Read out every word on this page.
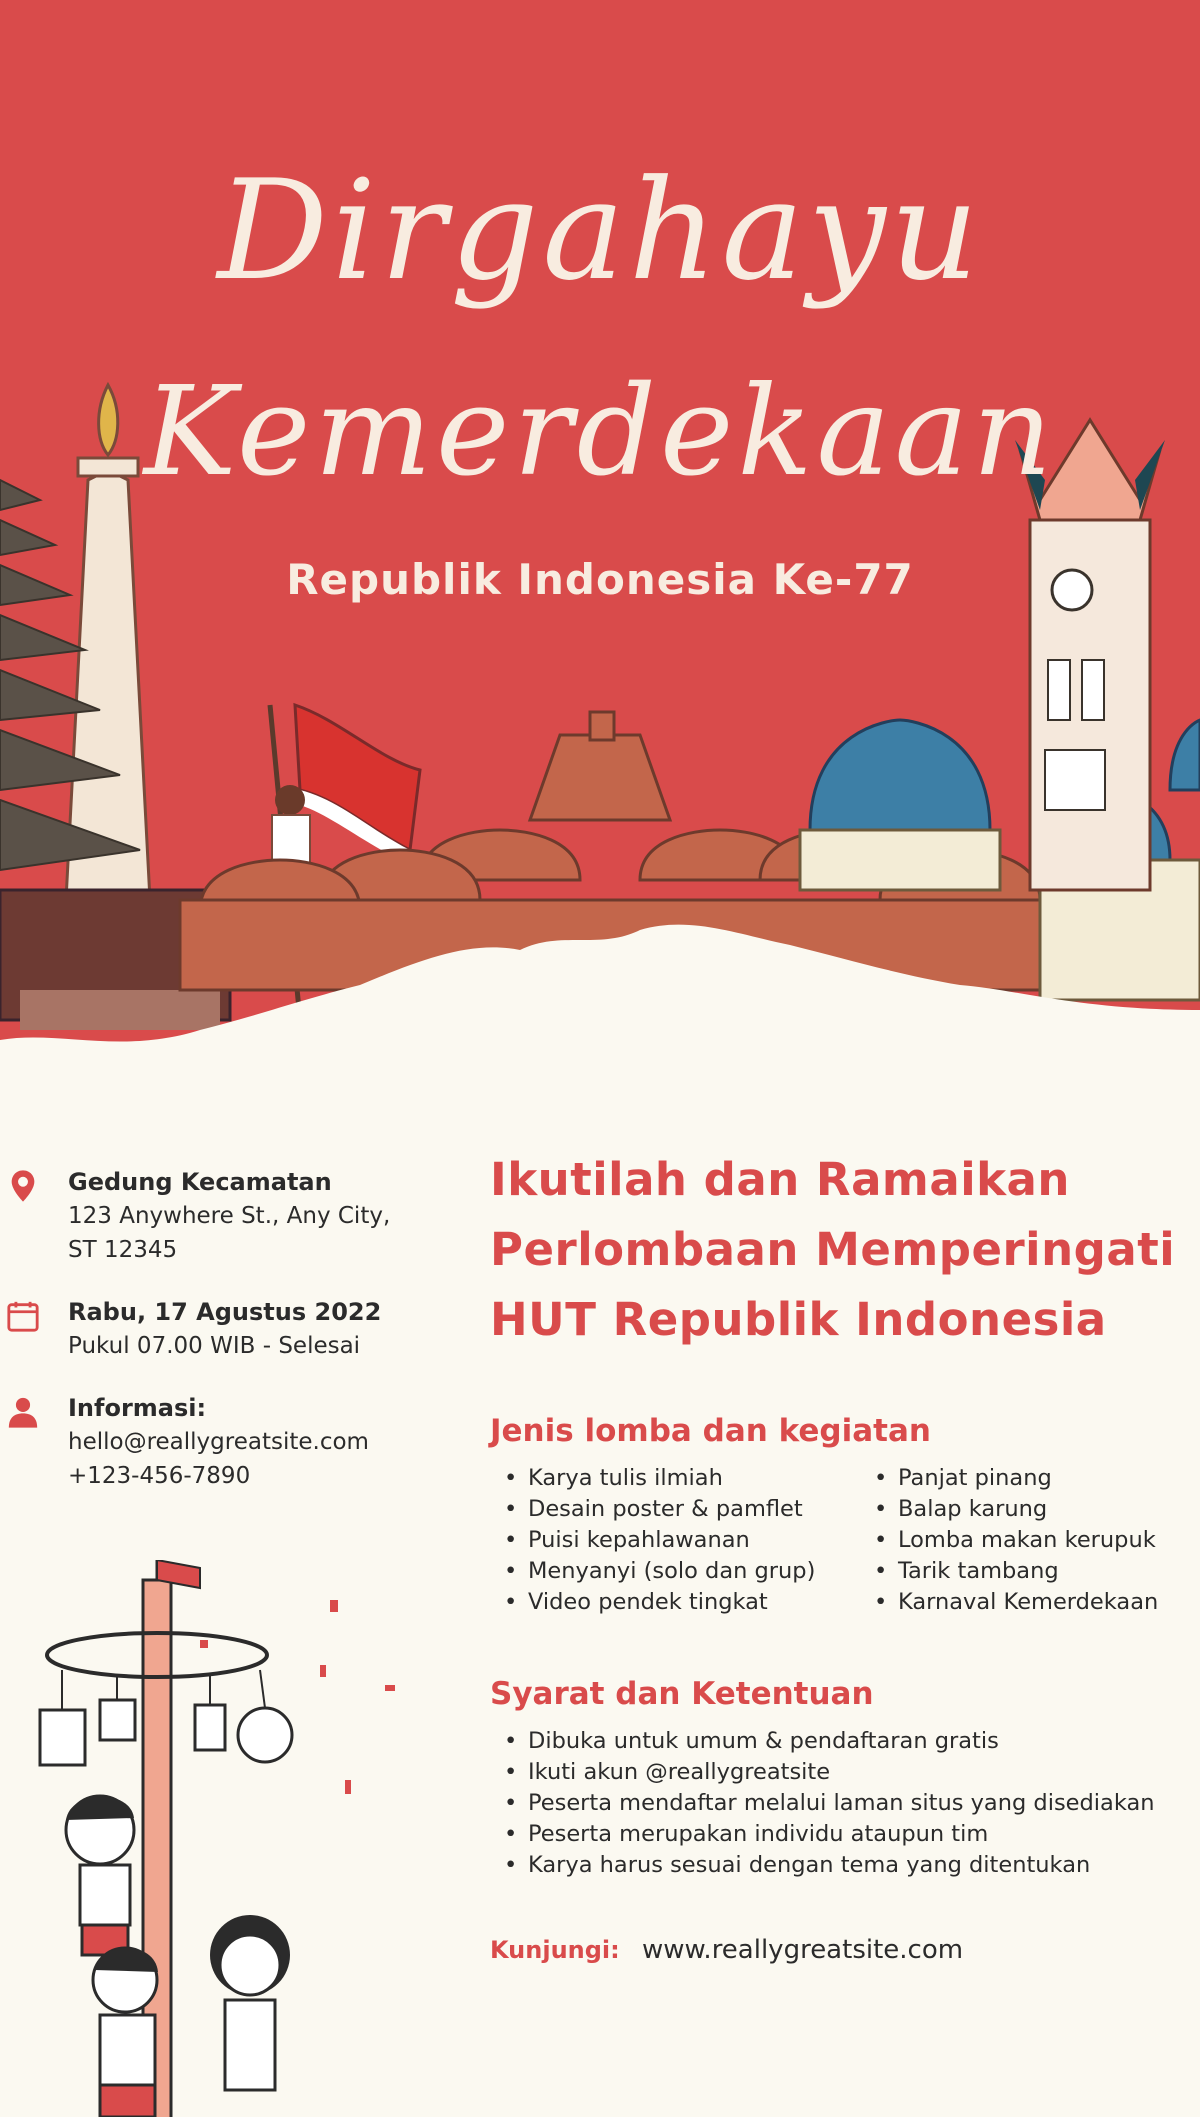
Dirgahayu
Kemerdekaan
Republik Indonesia Ke-77
Gedung Kecamatan
123 Anywhere St., Any City,
ST 12345
Rabu, 17 Agustus 2022
Pukul 07.00 WIB - Selesai
Informasi:
hello@reallygreatsite.com
+123-456-7890
Ikutilah dan Ramaikan
Perlombaan Memperingati
HUT Republik Indonesia
Jenis lomba dan kegiatan
• Karya tulis ilmiah
• Desain poster & pamflet
• Puisi kepahlawanan
• Menyanyi (solo dan grup)
• Video pendek tingkat
• Panjat pinang
• Balap karung
• Lomba makan kerupuk
• Tarik tambang
• Karnaval Kemerdekaan
Syarat dan Ketentuan
• Dibuka untuk umum & pendaftaran gratis
• Ikuti akun @reallygreatsite
• Peserta mendaftar melalui laman situs yang disediakan
• Peserta merupakan individu ataupun tim
• Karya harus sesuai dengan tema yang ditentukan
Kunjungi: www.reallygreatsite.com
